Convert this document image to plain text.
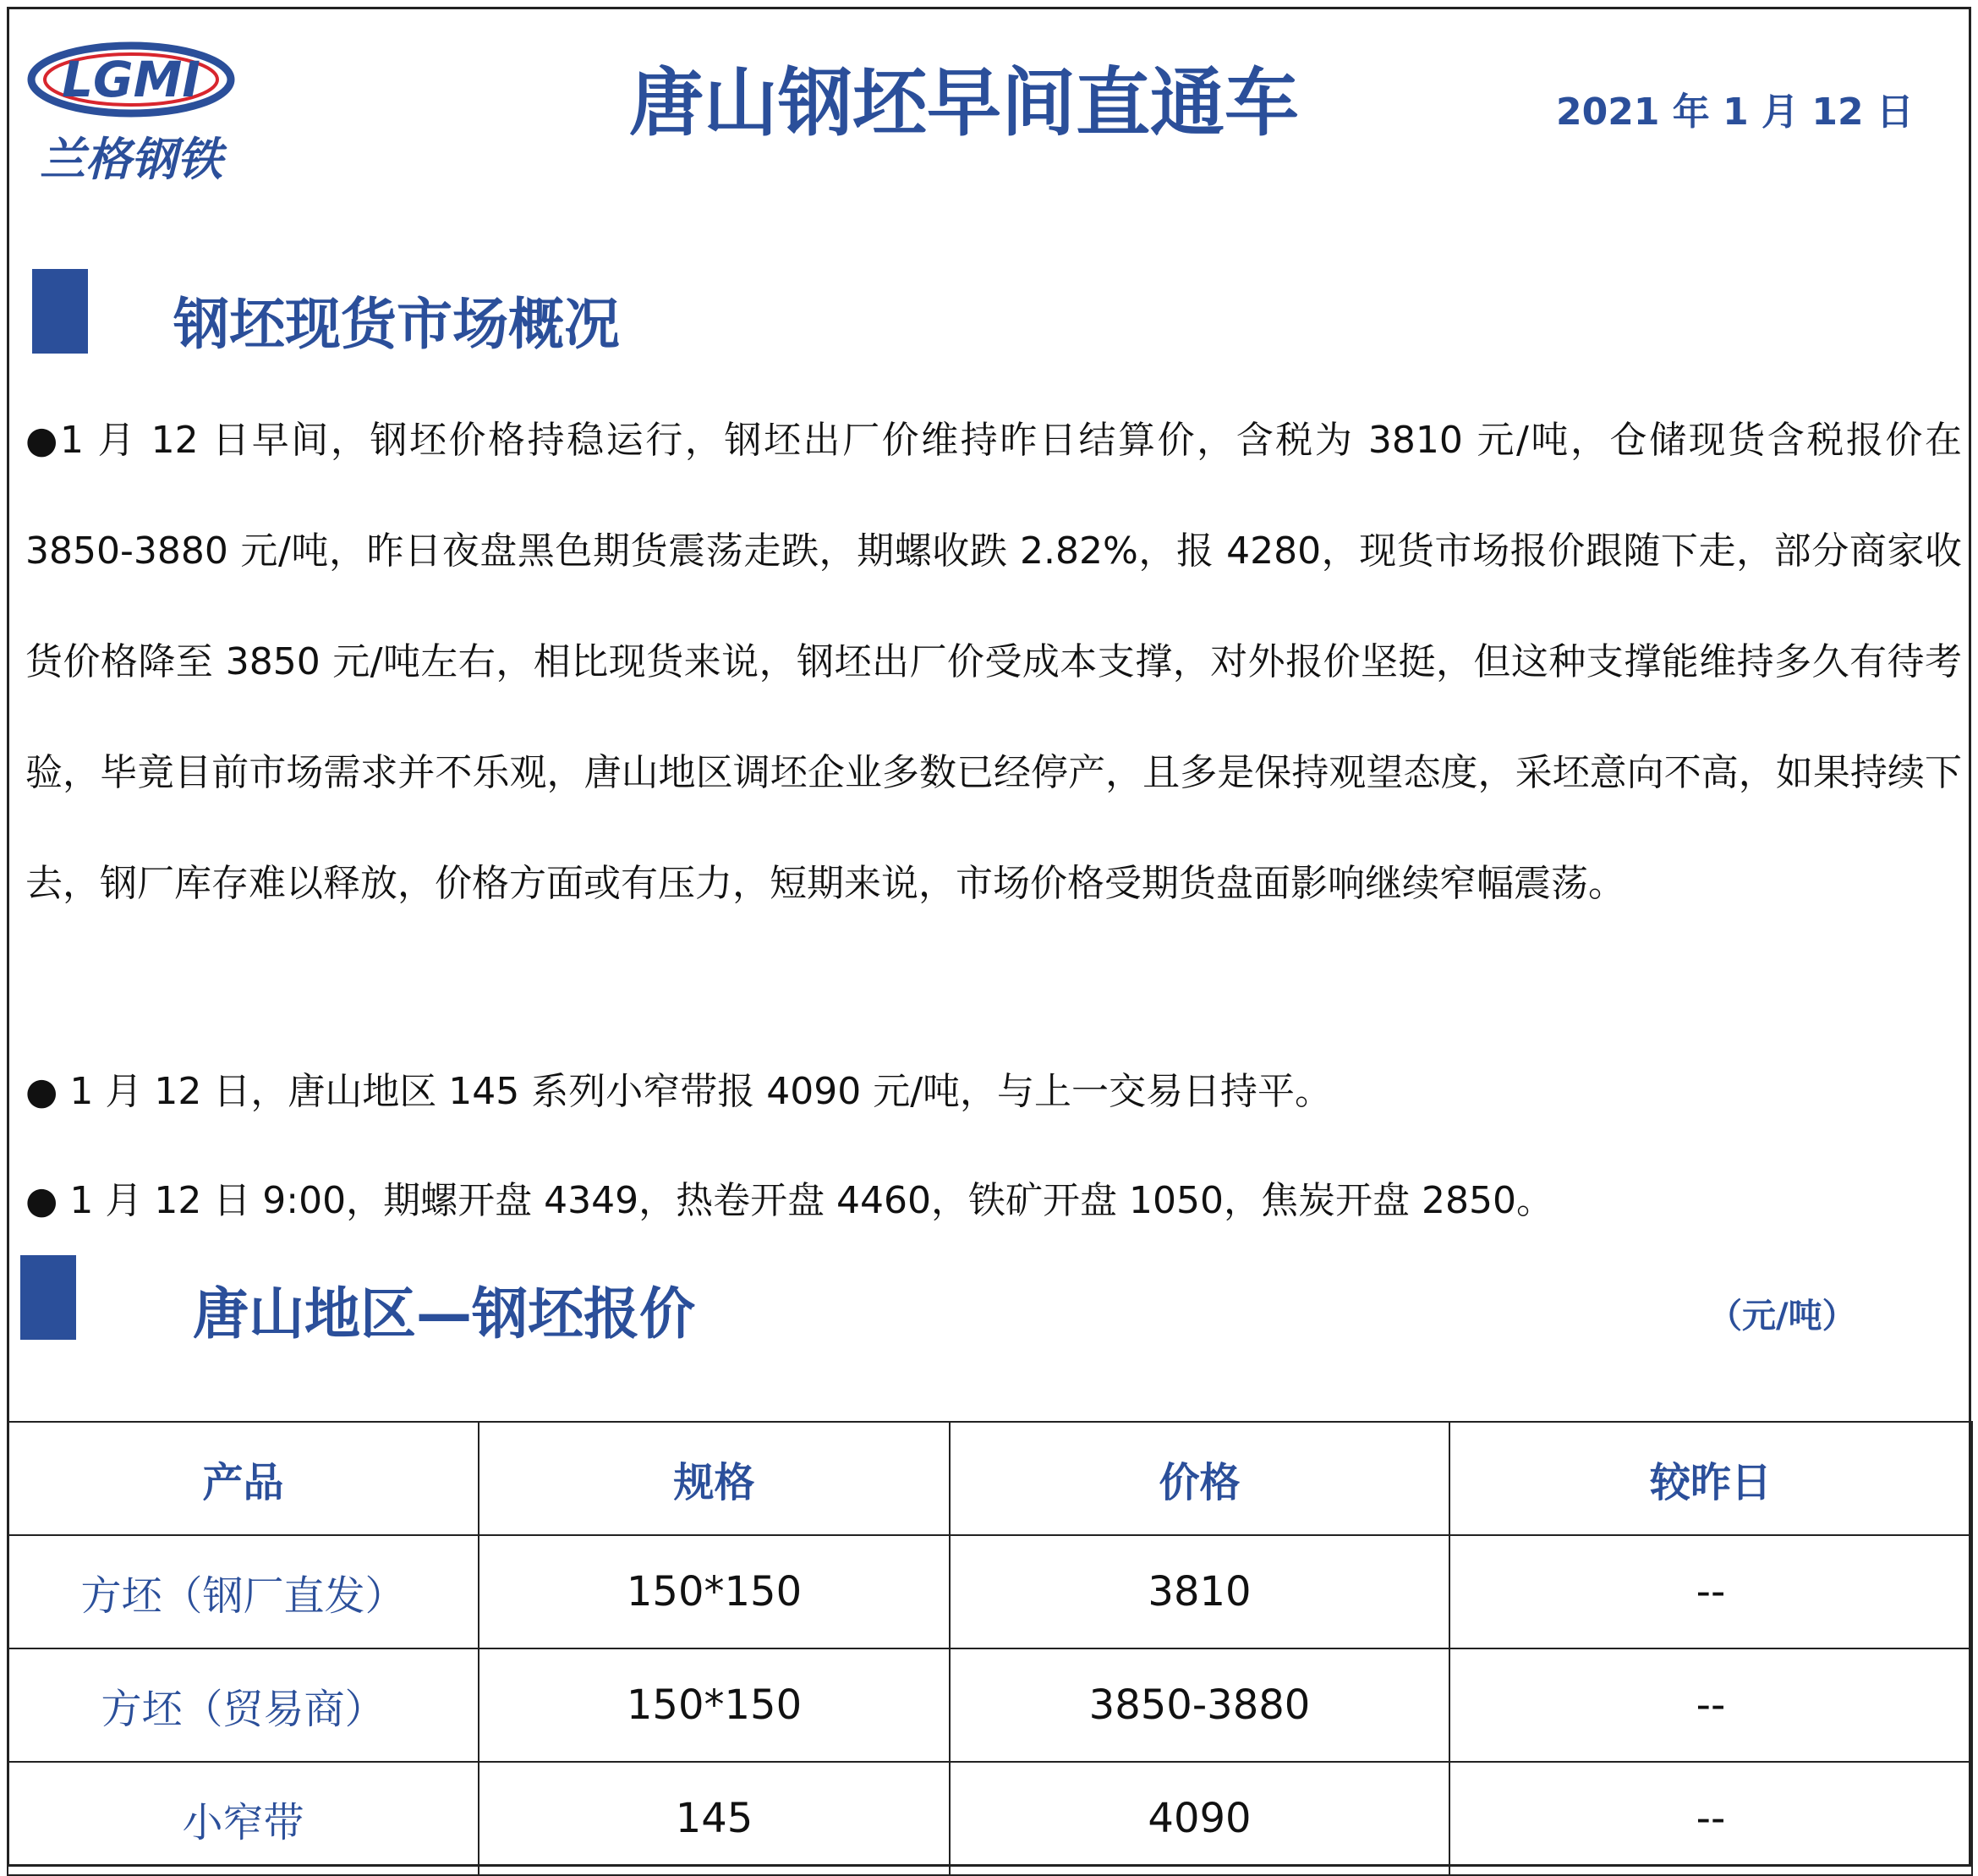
LGMI
兰格钢铁
唐山钢坯早间直通车	2021 年 1 月 12 日
钢坯现货市场概况

●1 月 12 日早间，钢坯价格持稳运行，钢坯出厂价维持昨日结算价，含税为 3810 元/吨，仓储现货含税报价在 3850-3880 元/吨，昨日夜盘黑色期货震荡走跌，期螺收跌 2.82%，报 4280，现货市场报价跟随下走，部分商家收货价格降至 3850 元/吨左右，相比现货来说，钢坯出厂价受成本支撑，对外报价坚挺，但这种支撑能维持多久有待考验，毕竟目前市场需求并不乐观，唐山地区调坯企业多数已经停产，且多是保持观望态度，采坯意向不高，如果持续下去，钢厂库存难以释放，价格方面或有压力，短期来说，市场价格受期货盘面影响继续窄幅震荡。

● 1 月 12 日，唐山地区 145 系列小窄带报 4090 元/吨，与上一交易日持平。
● 1 月 12 日 9:00，期螺开盘 4349，热卷开盘 4460，铁矿开盘 1050，焦炭开盘 2850。
唐山地区—钢坯报价	（元/吨）
产品	规格	价格	较昨日
方坯（钢厂直发）	150*150	3810	--
方坯（贸易商）	150*150	3850-3880	--
小窄带	145	4090	--
